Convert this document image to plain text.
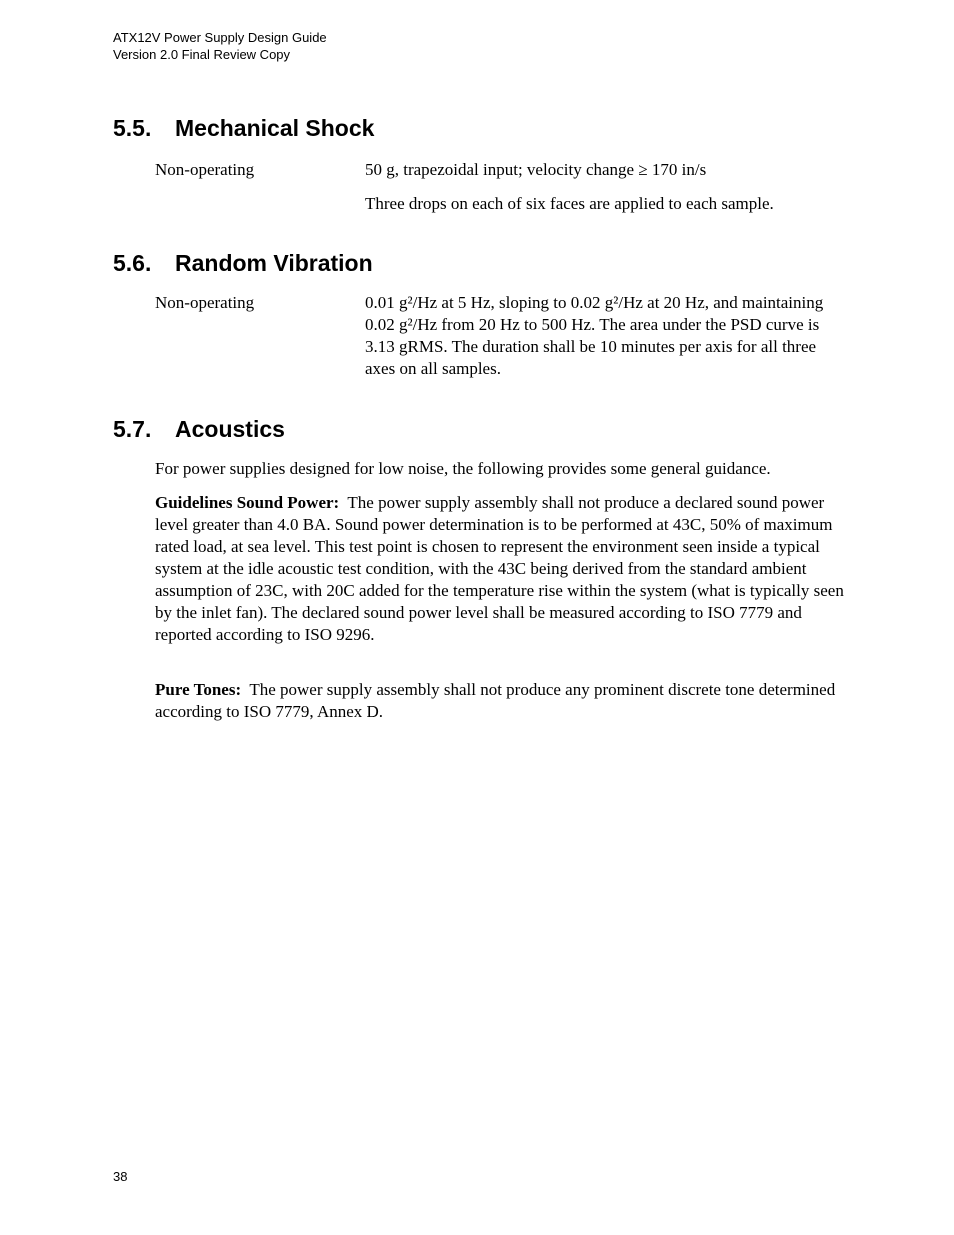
ATX12V Power Supply Design Guide
Version 2.0 Final Review Copy
5.5. Mechanical Shock
Non-operating	50 g, trapezoidal input; velocity change ≥ 170 in/s

Three drops on each of six faces are applied to each sample.

5.6. Random Vibration
Non-operating	0.01 g²/Hz at 5 Hz, sloping to 0.02 g²/Hz at 20 Hz, and maintaining 0.02 g²/Hz from 20 Hz to 500 Hz. The area under the PSD curve is 3.13 gRMS. The duration shall be 10 minutes per axis for all three axes on all samples.

5.7. Acoustics

For power supplies designed for low noise, the following provides some general guidance.

Guidelines Sound Power: The power supply assembly shall not produce a declared sound power level greater than 4.0 BA. Sound power determination is to be performed at 43C, 50% of maximum rated load, at sea level. This test point is chosen to represent the environment seen inside a typical system at the idle acoustic test condition, with the 43C being derived from the standard ambient assumption of 23C, with 20C added for the temperature rise within the system (what is typically seen by the inlet fan). The declared sound power level shall be measured according to ISO 7779 and reported according to ISO 9296.

Pure Tones: The power supply assembly shall not produce any prominent discrete tone determined according to ISO 7779, Annex D.

38
